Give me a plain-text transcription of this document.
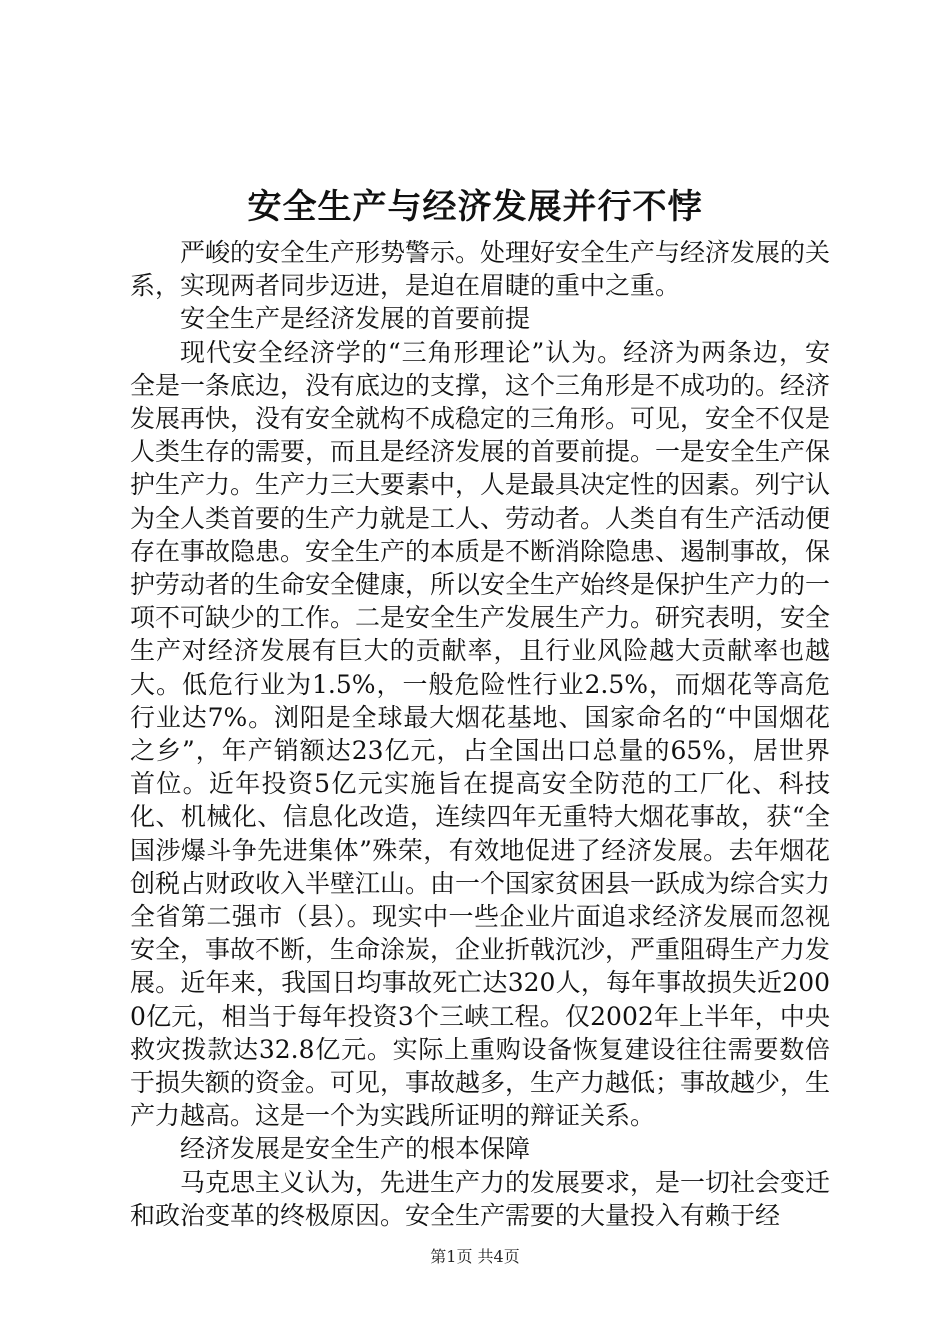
安全生产与经济发展并行不悖

严峻的安全生产形势警示。处理好安全生产与经济发展的关系，实现两者同步迈进，是迫在眉睫的重中之重。

安全生产是经济发展的首要前提

现代安全经济学的“三角形理论”认为。经济为两条边，安全是一条底边，没有底边的支撑，这个三角形是不成功的。经济发展再快，没有安全就构不成稳定的三角形。可见，安全不仅是人类生存的需要，而且是经济发展的首要前提。一是安全生产保护生产力。生产力三大要素中，人是最具决定性的因素。列宁认为全人类首要的生产力就是工人、劳动者。人类自有生产活动便存在事故隐患。安全生产的本质是不断消除隐患、遏制事故，保护劳动者的生命安全健康，所以安全生产始终是保护生产力的一项不可缺少的工作。二是安全生产发展生产力。研究表明，安全生产对经济发展有巨大的贡献率，且行业风险越大贡献率也越大。低危行业为1.5%，一般危险性行业2.5%，而烟花等高危行业达7%。浏阳是全球最大烟花基地、国家命名的“中国烟花之乡”，年产销额达23亿元，占全国出口总量的65%，居世界首位。近年投资5亿元实施旨在提高安全防范的工厂化、科技化、机械化、信息化改造，连续四年无重特大烟花事故，获“全国涉爆斗争先进集体”殊荣，有效地促进了经济发展。去年烟花创税占财政收入半壁江山。由一个国家贫困县一跃成为综合实力全省第二强市（县）。现实中一些企业片面追求经济发展而忽视安全，事故不断，生命涂炭，企业折戟沉沙，严重阻碍生产力发展。近年来，我国日均事故死亡达320人，每年事故损失近2000亿元，相当于每年投资3个三峡工程。仅2002年上半年，中央救灾拨款达32.8亿元。实际上重购设备恢复建设往往需要数倍于损失额的资金。可见，事故越多，生产力越低；事故越少，生产力越高。这是一个为实践所证明的辩证关系。

经济发展是安全生产的根本保障

马克思主义认为，先进生产力的发展要求，是一切社会变迁和政治变革的终极原因。安全生产需要的大量投入有赖于经

第1页 共4页
